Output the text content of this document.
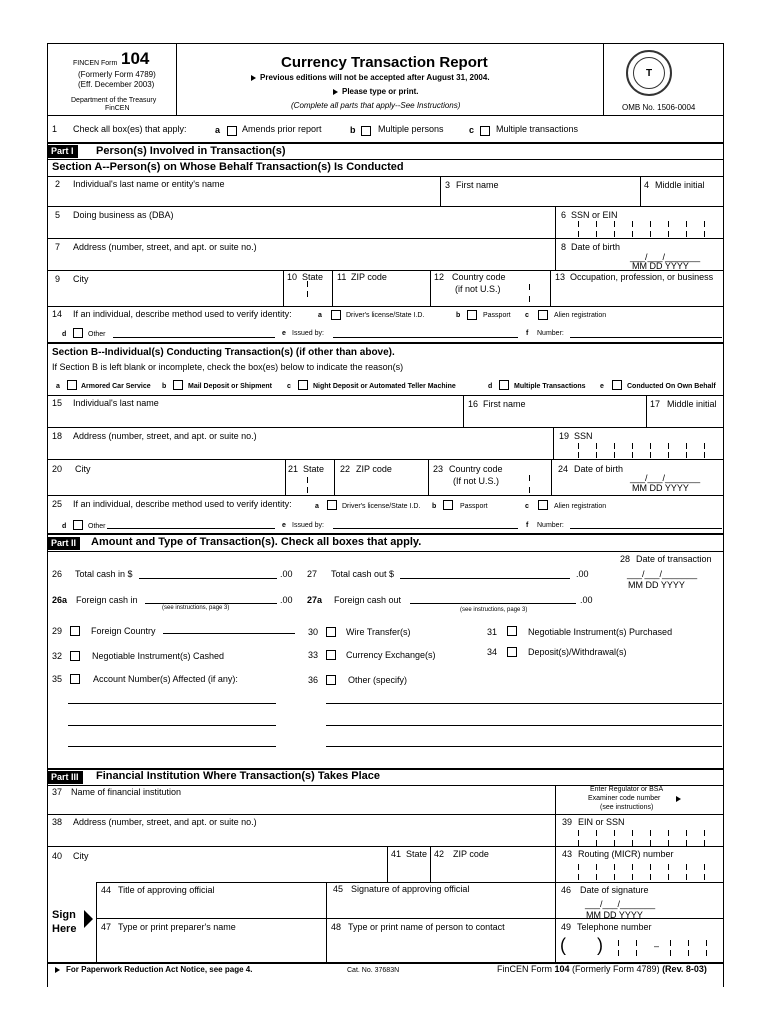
FINCEN Form 104
(Formerly Form 4789)
(Eff. December 2003)
Department of the Treasury
FinCEN
Currency Transaction Report
Previous editions will not be accepted after August 31, 2004.
Please type or print.
(Complete all parts that apply--See Instructions)
T
OMB No. 1506-0004
1 Check all box(es) that apply:	a Amends prior report	b	Multiple persons	c Multiple transactions
Part I	Person(s) Involved in Transaction(s)
Section A--Person(s) on Whose Behalf Transaction(s) Is Conducted
2 Individual's last name or entity's name	3 First name	4 Middle initial
5 Doing business as (DBA)	6 SSN or EIN
7 Address (number, street, and apt. or suite no.)	8 Date of birth
___/___/_______
MM DD YYYY
9 City	10 State 11 ZIP code	12 Country code
(if not U.S.)
13 Occupation, profession, or business
14 If an individual, describe method used to verify identity:	a	Driver's license/State I.D.	b	Passport c	Alien registration
d	Other	e Issued by:	f Number:
Section B--Individual(s) Conducting Transaction(s) (if other than above).
If Section B is left blank or incomplete, check the box(es) below to indicate the reason(s)
a	Armored Car Service b	Mail Deposit or Shipment c	Night Deposit or Automated Teller Machine	d	Multiple Transactions e	Conducted On Own Behalf
15 Individual's last name	16 First name	17 Middle initial
18 Address (number, street, and apt. or suite no.)	19 SSN
20 City	21 State 22 ZIP code	23 Country code
(If not U.S.)
24 Date of birth
___/___/_______
MM DD YYYY
25 If an individual, describe method used to verify identity:	a	Driver's license/State I.D. b	Passport	c	Alien registration
d	Other	e Issued by:	f Number:
Part II	Amount and Type of Transaction(s). Check all boxes that apply.
28 Date of transaction
___/___/_______
MM DD YYYY
26 Total cash in $	.00 27 Total cash out $	.00
26a Foreign cash in	.00
(see instructions, page 3)
27a Foreign cash out	.00
(see instructions, page 3)
29	Foreign Country	30	Wire Transfer(s)	31	Negotiable Instrument(s) Purchased
32	Negotiable Instrument(s) Cashed	33	Currency Exchange(s)	34	Deposit(s)/Withdrawal(s)
35	Account Number(s) Affected (if any):	36	Other (specify)
Part III	Financial Institution Where Transaction(s) Takes Place
37 Name of financial institution	Enter Regulator or BSA
Examiner code number
(see instructions)
38 Address (number, street, and apt. or suite no.)	39 EIN or SSN
40 City	41 State 42 ZIP code	43 Routing (MICR) number
Sign
Here
44 Title of approving official	45 Signature of approving official	46 Date of signature
___/___/_______
MM DD YYYY
47 Type or print preparer's name	48 Type or print name of person to contact	49 Telephone number
( )	–
For Paperwork Reduction Act Notice, see page 4.	Cat. No. 37683N	FinCEN Form 104 (Formerly Form 4789) (Rev. 8-03)
